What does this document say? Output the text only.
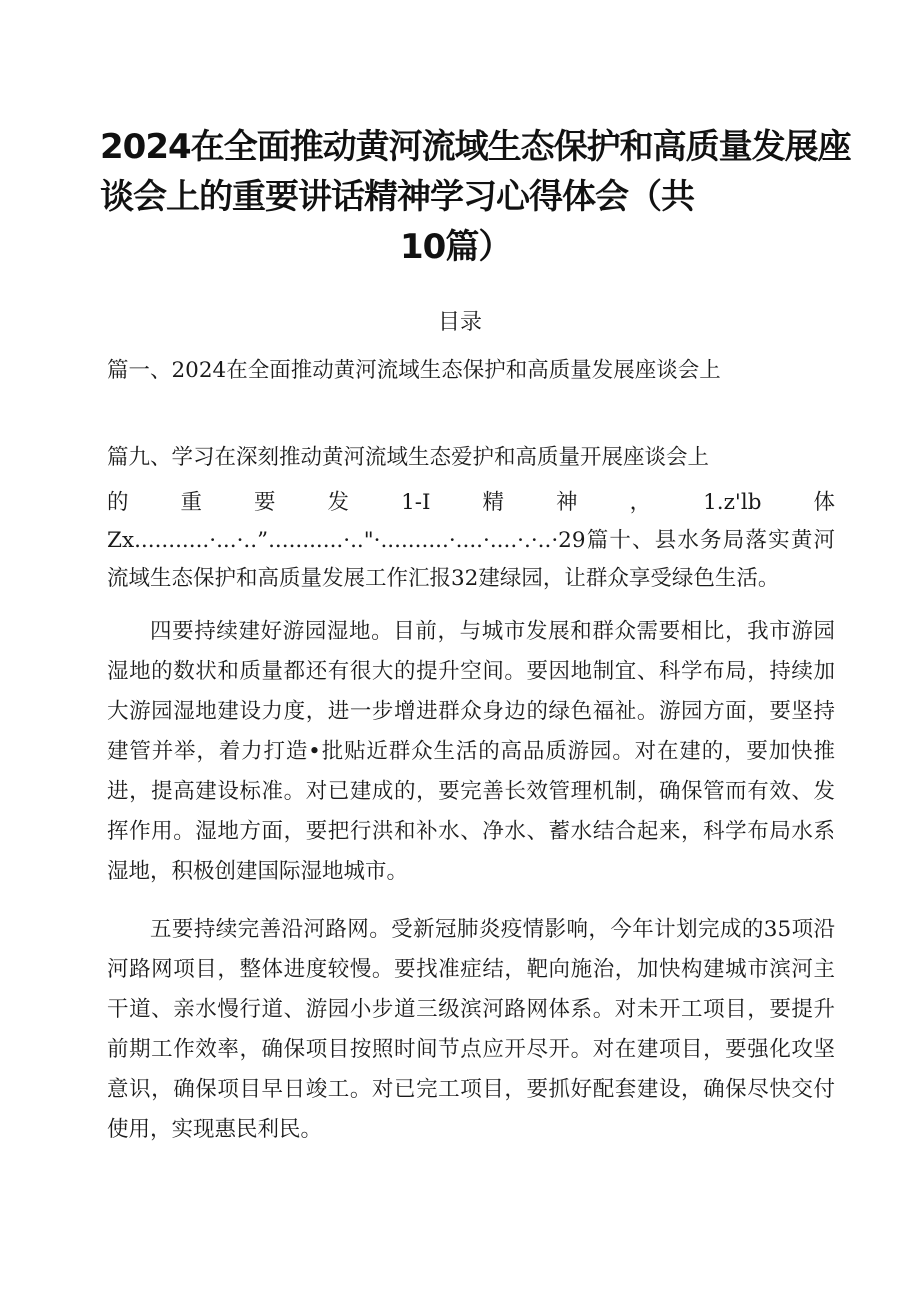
2024在全面推动黄河流域生态保护和高质量发展座
谈会上的重要讲话精神学习心得体会（共
10篇）
目录
篇一、2024在全面推动黄河流域生态保护和高质量发展座谈会上
篇九、学习在深刻推动黄河流域生态爱护和高质量开展座谈会上
的重要发1-I精神，1.z'lb体Zx...........·...·..”...........·.."·..........·....·....·.·..·29篇十、县水务局落实黄河流域生态保护和高质量发展工作汇报32建绿园，让群众享受绿色生活。
四要持续建好游园湿地。目前，与城市发展和群众需要相比，我市游园湿地的数状和质量都还有很大的提升空间。要因地制宜、科学布局，持续加大游园湿地建设力度，进一步增进群众身边的绿色福祉。游园方面，要坚持建管并举，着力打造•批贴近群众生活的高品质游园。对在建的，要加快推进，提高建设标准。对已建成的，要完善长效管理机制，确保管而有效、发挥作用。湿地方面，要把行洪和补水、净水、蓄水结合起来，科学布局水系湿地，积极创建国际湿地城市。
五要持续完善沿河路网。受新冠肺炎疫情影响，今年计划完成的35项沿河路网项目，整体进度较慢。要找准症结，靶向施治，加快构建城市滨河主干道、亲水慢行道、游园小步道三级滨河路网体系。对未开工项目，要提升前期工作效率，确保项目按照时间节点应开尽开。对在建项目，要强化攻坚意识，确保项目早日竣工。对已完工项目，要抓好配套建设，确保尽快交付使用，实现惠民利民。
